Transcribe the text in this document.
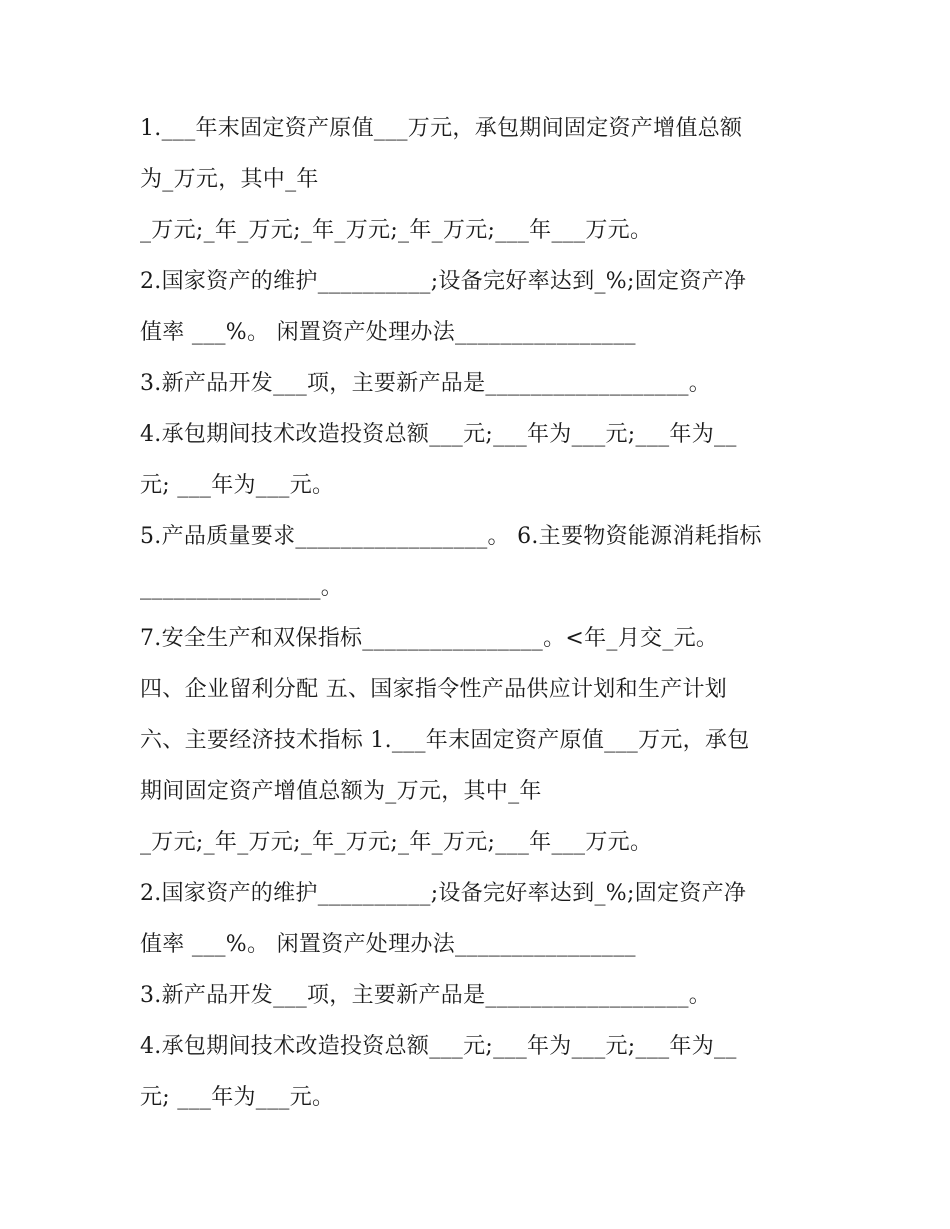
1.___年末固定资产原值___万元，承包期间固定资产增值总额
为_万元，其中_年
_万元;_年_万元;_年_万元;_年_万元;___年___万元。
2.国家资产的维护__________;设备完好率达到_%;固定资产净
值率 ___%。 闲置资产处理办法________________
3.新产品开发___项，主要新产品是__________________。
4.承包期间技术改造投资总额___元;___年为___元;___年为__
元; ___年为___元。
5.产品质量要求_________________。 6.主要物资能源消耗指标
________________。
7.安全生产和双保指标________________。<年_月交_元。
四、企业留利分配 五、国家指令性产品供应计划和生产计划
六、主要经济技术指标 1.___年末固定资产原值___万元，承包
期间固定资产增值总额为_万元，其中_年
_万元;_年_万元;_年_万元;_年_万元;___年___万元。
2.国家资产的维护__________;设备完好率达到_%;固定资产净
值率 ___%。 闲置资产处理办法________________
3.新产品开发___项，主要新产品是__________________。
4.承包期间技术改造投资总额___元;___年为___元;___年为__
元; ___年为___元。
